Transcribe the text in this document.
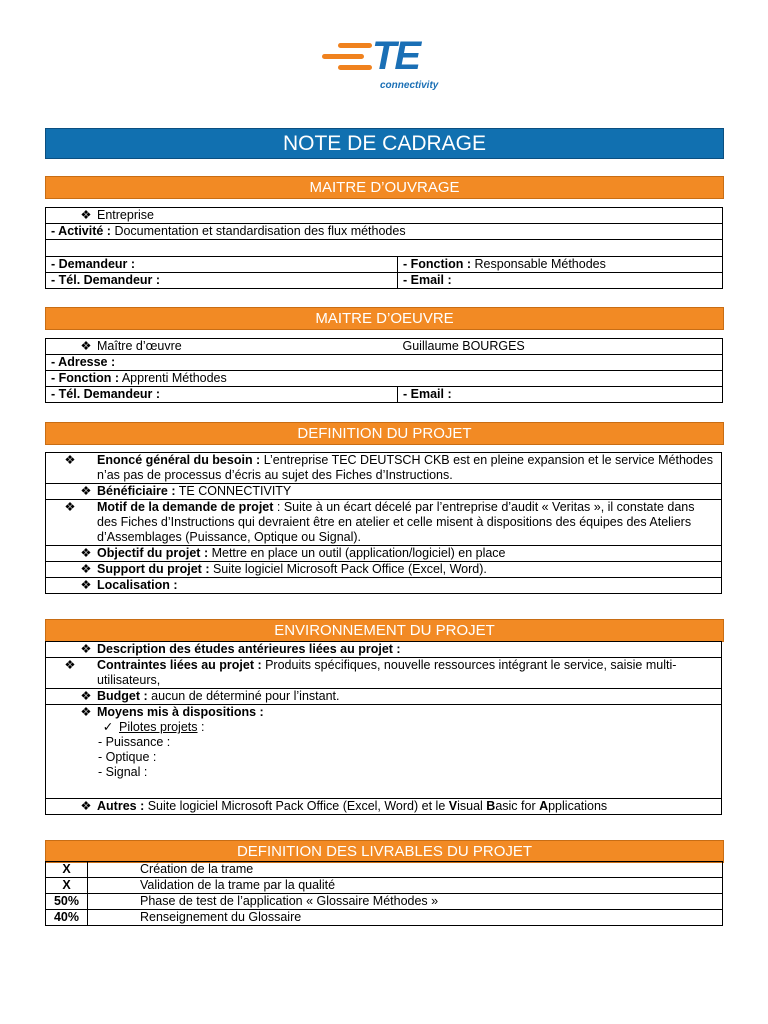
TE
connectivity
NOTE DE CADRAGE
MAITRE D’OUVRAGE
❖ Entreprise	
- Activité : Documentation et standardisation des flux méthodes	

- Demandeur :	- Fonction : Responsable Méthodes
- Tél. Demandeur :	- Email :
MAITRE D’OEUVRE
❖ Maître d’œuvre	Guillaume BOURGES
- Adresse :	
- Fonction : Apprenti Méthodes	
- Tél. Demandeur :	- Email :
DEFINITION DU PROJET
❖ Enoncé général du besoin : L’entreprise TEC DEUTSCH CKB est en pleine expansion et le service Méthodes n’as pas de processus d’écris au sujet des Fiches d’Instructions.
❖ Bénéficiaire : TE CONNECTIVITY
❖ Motif de la demande de projet : Suite à un écart décelé par l’entreprise d’audit « Veritas », il constate dans des Fiches d’Instructions qui devraient être en atelier et celle misent à dispositions des équipes des Ateliers d’Assemblages (Puissance, Optique ou Signal).
❖ Objectif du projet : Mettre en place un outil (application/logiciel) en place
❖ Support du projet : Suite logiciel Microsoft Pack Office (Excel, Word).
❖ Localisation :
ENVIRONNEMENT DU PROJET
❖ Description des études antérieures liées au projet :
❖ Contraintes liées au projet : Produits spécifiques, nouvelle ressources intégrant le service, saisie multi-utilisateurs,
❖ Budget : aucun de déterminé pour l’instant.

❖ Moyens mis à dispositions :
✓ Pilotes projets :
- Puissance :
- Optique :
- Signal :

❖ Autres : Suite logiciel Microsoft Pack Office (Excel, Word) et le Visual Basic for Applications
DEFINITION DES LIVRABLES DU PROJET
X	Création de la trame
X	Validation de la trame par la qualité
50%	Phase de test de l’application « Glossaire Méthodes »
40%	Renseignement du Glossaire
